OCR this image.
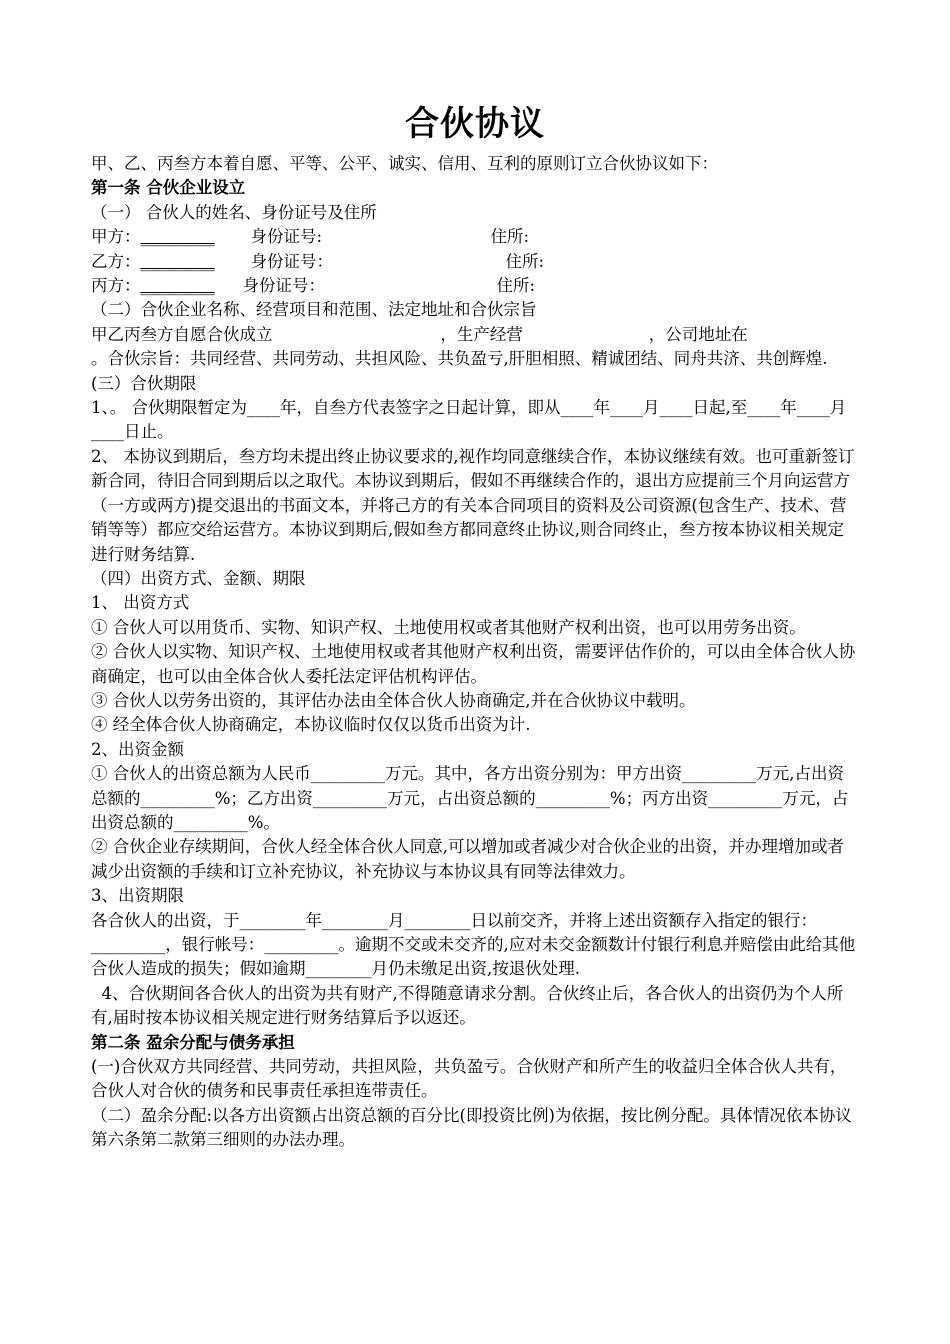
合伙协议

甲、乙、丙叁方本着自愿、平等、公平、诚实、信用、互利的原则订立合伙协议如下：

第一条 合伙企业设立

（一） 合伙人的姓名、身份证号及住所

甲方： _________	身份证号:	住所:
乙方： _________	身份证号：	住所:
丙方： _________	身份证号：	住所:

（二）合伙企业名称、经营项目和范围、法定地址和合伙宗旨

甲乙丙叁方自愿合伙成立                                ，生产经营                        ，公司地址在

。合伙宗旨：共同经营、共同劳动、共担风险、共负盈亏,肝胆相照、精诚团结、同舟共济、共创辉煌.

(三）合伙期限

1、。 合伙期限暂定为____年，自叁方代表签字之日起计算，即从____年____月____日起,至____年____月____日止。

2、 本协议到期后，叁方均未提出终止协议要求的,视作均同意继续合作，本协议继续有效。也可重新签订新合同，待旧合同到期后以之取代。本协议到期后，假如不再继续合作的，退出方应提前三个月向运营方（一方或两方)提交退出的书面文本，并将己方的有关本合同项目的资料及公司资源(包含生产、技术、营销等等）都应交给运营方。本协议到期后,假如叁方都同意终止协议,则合同终止，叁方按本协议相关规定进行财务结算.

（四）出资方式、金额、期限

1、 出资方式

① 合伙人可以用货币、实物、知识产权、土地使用权或者其他财产权利出资，也可以用劳务出资。

② 合伙人以实物、知识产权、土地使用权或者其他财产权利出资，需要评估作价的，可以由全体合伙人协商确定，也可以由全体合伙人委托法定评估机构评估。

③ 合伙人以劳务出资的，其评估办法由全体合伙人协商确定,并在合伙协议中载明。

④ 经全体合伙人协商确定，本协议临时仅仅以货币出资为计.

2、出资金额

① 合伙人的出资总额为人民币_________万元。其中，各方出资分别为：甲方出资_________万元,占出资总额的_________%；乙方出资_________万元，占出资总额的_________%；丙方出资_________万元，占出资总额的_________%。

② 合伙企业存续期间，合伙人经全体合伙人同意,可以增加或者减少对合伙企业的出资，并办理增加或者减少出资额的手续和订立补充协议，补充协议与本协议具有同等法律效力。

3、出资期限

各合伙人的出资，于________年________月________日以前交齐，并将上述出资额存入指定的银行：_________，银行帐号：_________。逾期不交或未交齐的,应对未交金额数计付银行利息并赔偿由此给其他合伙人造成的损失；假如逾期________月仍未缴足出资,按退伙处理.

4、合伙期间各合伙人的出资为共有财产,不得随意请求分割。合伙终止后，各合伙人的出资仍为个人所有,届时按本协议相关规定进行财务结算后予以返还。

第二条 盈余分配与债务承担

(一)合伙双方共同经营、共同劳动，共担风险，共负盈亏。合伙财产和所产生的收益归全体合伙人共有，合伙人对合伙的债务和民事责任承担连带责任。

（二）盈余分配:以各方出资额占出资总额的百分比(即投资比例)为依据，按比例分配。具体情况依本协议第六条第二款第三细则的办法办理。
